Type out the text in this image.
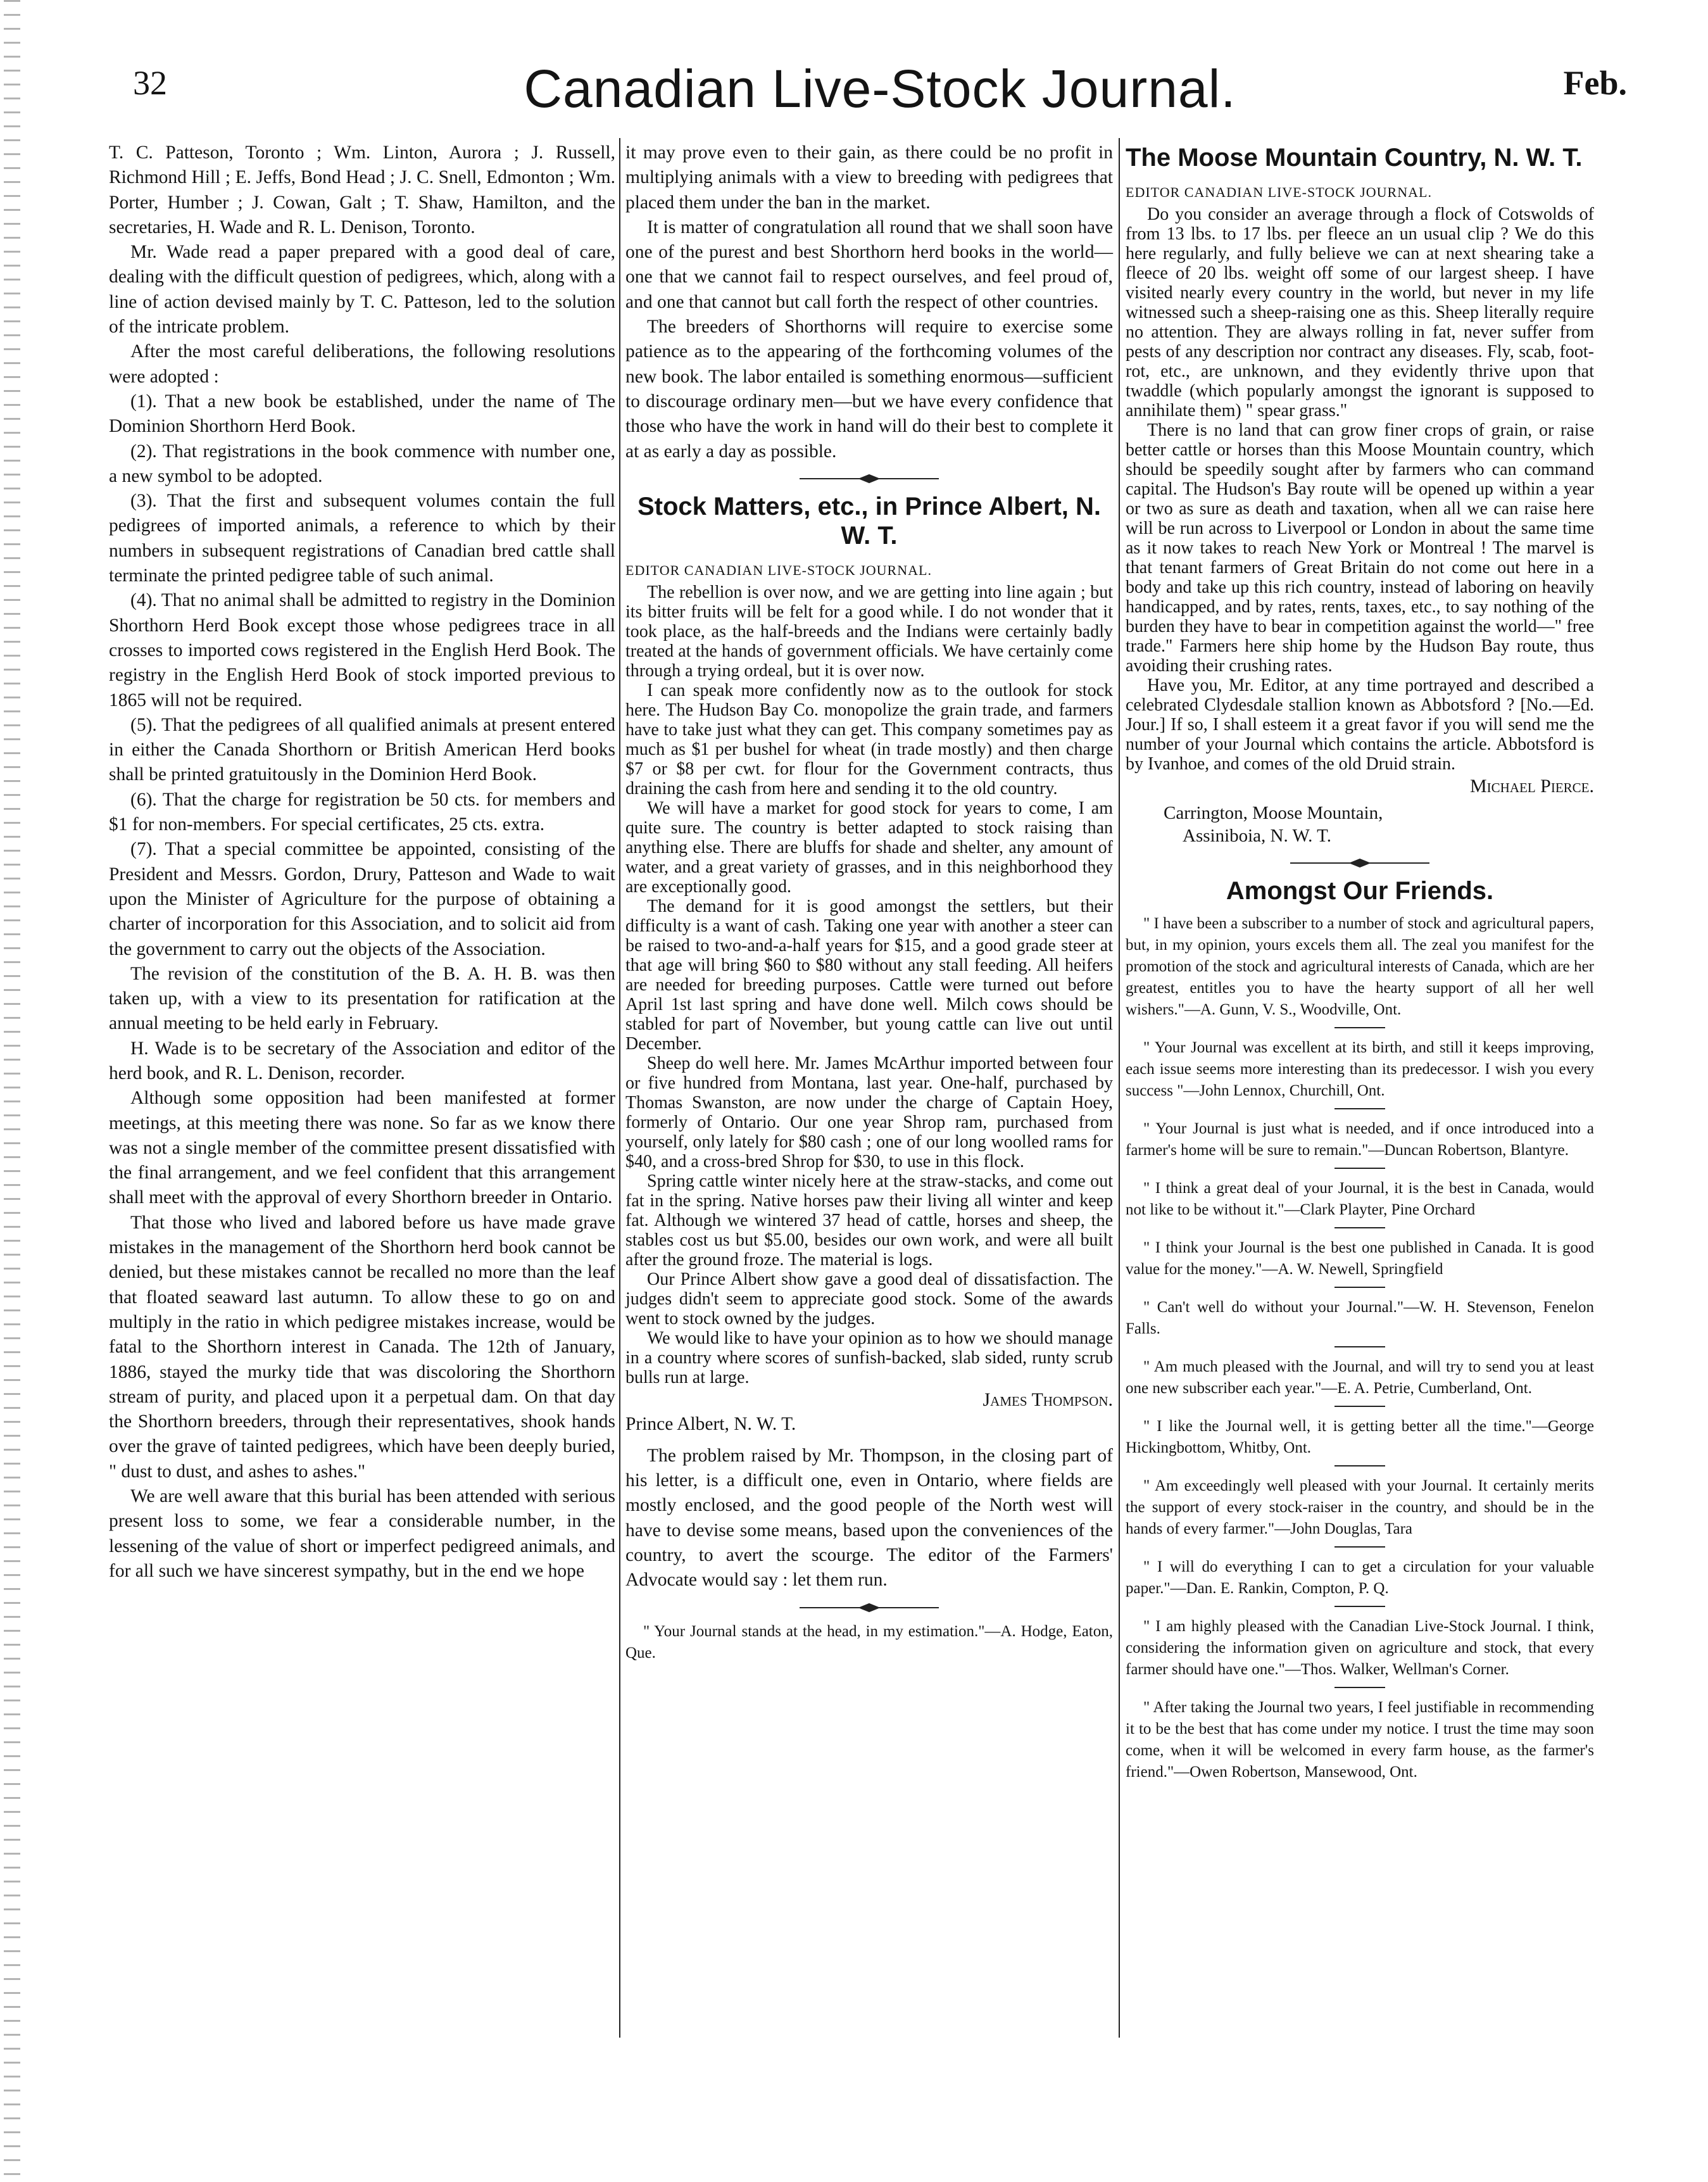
32	Canadian Live-Stock Journal.	Feb.

T. C. Patteson, Toronto ; Wm. Linton, Aurora ; J. Russell, Richmond Hill ; E. Jeffs, Bond Head ; J. C. Snell, Edmonton ; Wm. Porter, Humber ; J. Cowan, Galt ; T. Shaw, Hamilton, and the secretaries, H. Wade and R. L. Denison, Toronto.

Mr. Wade read a paper prepared with a good deal of care, dealing with the difficult question of pedigrees, which, along with a line of action devised mainly by T. C. Patteson, led to the solution of the intricate problem.

After the most careful deliberations, the following resolutions were adopted :

(1). That a new book be established, under the name of The Dominion Shorthorn Herd Book.

(2). That registrations in the book commence with number one, a new symbol to be adopted.

(3). That the first and subsequent volumes contain the full pedigrees of imported animals, a reference to which by their numbers in subsequent registrations of Canadian bred cattle shall terminate the printed pedigree table of such animal.

(4). That no animal shall be admitted to registry in the Dominion Shorthorn Herd Book except those whose pedigrees trace in all crosses to imported cows registered in the English Herd Book. The registry in the English Herd Book of stock imported previous to 1865 will not be required.

(5). That the pedigrees of all qualified animals at present entered in either the Canada Shorthorn or British American Herd books shall be printed gratuitously in the Dominion Herd Book.

(6). That the charge for registration be 50 cts. for members and $1 for non-members. For special certificates, 25 cts. extra.

(7). That a special committee be appointed, consisting of the President and Messrs. Gordon, Drury, Patteson and Wade to wait upon the Minister of Agriculture for the purpose of obtaining a charter of incorporation for this Association, and to solicit aid from the government to carry out the objects of the Association.

The revision of the constitution of the B. A. H. B. was then taken up, with a view to its presentation for ratification at the annual meeting to be held early in February.

H. Wade is to be secretary of the Association and editor of the herd book, and R. L. Denison, recorder.

Although some opposition had been manifested at former meetings, at this meeting there was none. So far as we know there was not a single member of the committee present dissatisfied with the final arrangement, and we feel confident that this arrangement shall meet with the approval of every Shorthorn breeder in Ontario.

That those who lived and labored before us have made grave mistakes in the management of the Shorthorn herd book cannot be denied, but these mistakes cannot be recalled no more than the leaf that floated seaward last autumn. To allow these to go on and multiply in the ratio in which pedigree mistakes increase, would be fatal to the Shorthorn interest in Canada. The 12th of January, 1886, stayed the murky tide that was discoloring the Shorthorn stream of purity, and placed upon it a perpetual dam. On that day the Shorthorn breeders, through their representatives, shook hands over the grave of tainted pedigrees, which have been deeply buried, " dust to dust, and ashes to ashes."

We are well aware that this burial has been attended with serious present loss to some, we fear a considerable number, in the lessening of the value of short or imperfect pedigreed animals, and for all such we have sincerest sympathy, but in the end we hope

it may prove even to their gain, as there could be no profit in multiplying animals with a view to breeding with pedigrees that placed them under the ban in the market.

It is matter of congratulation all round that we shall soon have one of the purest and best Shorthorn herd books in the world—one that we cannot fail to respect ourselves, and feel proud of, and one that cannot but call forth the respect of other countries.

The breeders of Shorthorns will require to exercise some patience as to the appearing of the forthcoming volumes of the new book. The labor entailed is something enormous—sufficient to discourage ordinary men—but we have every confidence that those who have the work in hand will do their best to complete it at as early a day as possible.

Stock Matters, etc., in Prince Albert, N. W. T.

EDITOR CANADIAN LIVE-STOCK JOURNAL.

The rebellion is over now, and we are getting into line again ; but its bitter fruits will be felt for a good while. I do not wonder that it took place, as the half-breeds and the Indians were certainly badly treated at the hands of government officials. We have certainly come through a trying ordeal, but it is over now.

I can speak more confidently now as to the outlook for stock here. The Hudson Bay Co. monopolize the grain trade, and farmers have to take just what they can get. This company sometimes pay as much as $1 per bushel for wheat (in trade mostly) and then charge $7 or $8 per cwt. for flour for the Government contracts, thus draining the cash from here and sending it to the old country.

We will have a market for good stock for years to come, I am quite sure. The country is better adapted to stock raising than anything else. There are bluffs for shade and shelter, any amount of water, and a great variety of grasses, and in this neighborhood they are exceptionally good.

The demand for it is good amongst the settlers, but their difficulty is a want of cash. Taking one year with another a steer can be raised to two-and-a-half years for $15, and a good grade steer at that age will bring $60 to $80 without any stall feeding. All heifers are needed for breeding purposes. Cattle were turned out before April 1st last spring and have done well. Milch cows should be stabled for part of November, but young cattle can live out until December.

Sheep do well here. Mr. James McArthur imported between four or five hundred from Montana, last year. One-half, purchased by Thomas Swanston, are now under the charge of Captain Hoey, formerly of Ontario. Our one year Shrop ram, purchased from yourself, only lately for $80 cash ; one of our long woolled rams for $40, and a cross-bred Shrop for $30, to use in this flock.

Spring cattle winter nicely here at the straw-stacks, and come out fat in the spring. Native horses paw their living all winter and keep fat. Although we wintered 37 head of cattle, horses and sheep, the stables cost us but $5.00, besides our own work, and were all built after the ground froze. The material is logs.

Our Prince Albert show gave a good deal of dissatisfaction. The judges didn't seem to appreciate good stock. Some of the awards went to stock owned by the judges.

We would like to have your opinion as to how we should manage in a country where scores of sunfish-backed, slab sided, runty scrub bulls run at large.

James Thompson.

Prince Albert, N. W. T.

The problem raised by Mr. Thompson, in the closing part of his letter, is a difficult one, even in Ontario, where fields are mostly enclosed, and the good people of the North west will have to devise some means, based upon the conveniences of the country, to avert the scourge. The editor of the Farmers' Advocate would say : let them run.

" Your Journal stands at the head, in my estimation."—A. Hodge, Eaton, Que.

The Moose Mountain Country, N. W. T.

EDITOR CANADIAN LIVE-STOCK JOURNAL.

Do you consider an average through a flock of Cotswolds of from 13 lbs. to 17 lbs. per fleece an un usual clip ? We do this here regularly, and fully believe we can at next shearing take a fleece of 20 lbs. weight off some of our largest sheep. I have visited nearly every country in the world, but never in my life witnessed such a sheep-raising one as this. Sheep literally require no attention. They are always rolling in fat, never suffer from pests of any description nor contract any diseases. Fly, scab, foot-rot, etc., are unknown, and they evidently thrive upon that twaddle (which popularly amongst the ignorant is supposed to annihilate them) " spear grass."

There is no land that can grow finer crops of grain, or raise better cattle or horses than this Moose Mountain country, which should be speedily sought after by farmers who can command capital. The Hudson's Bay route will be opened up within a year or two as sure as death and taxation, when all we can raise here will be run across to Liverpool or London in about the same time as it now takes to reach New York or Montreal ! The marvel is that tenant farmers of Great Britain do not come out here in a body and take up this rich country, instead of laboring on heavily handicapped, and by rates, rents, taxes, etc., to say nothing of the burden they have to bear in competition against the world—" free trade." Farmers here ship home by the Hudson Bay route, thus avoiding their crushing rates.

Have you, Mr. Editor, at any time portrayed and described a celebrated Clydesdale stallion known as Abbotsford ? [No.—Ed. Jour.] If so, I shall esteem it a great favor if you will send me the number of your Journal which contains the article. Abbotsford is by Ivanhoe, and comes of the old Druid strain.

Michael Pierce.

Carrington, Moose Mountain,
Assiniboia, N. W. T.
Amongst Our Friends.

" I have been a subscriber to a number of stock and agricultural papers, but, in my opinion, yours excels them all. The zeal you manifest for the promotion of the stock and agricultural interests of Canada, which are her greatest, entitles you to have the hearty support of all her well wishers."—A. Gunn, V. S., Woodville, Ont.

" Your Journal was excellent at its birth, and still it keeps improving, each issue seems more interesting than its predecessor. I wish you every success "—John Lennox, Churchill, Ont.

" Your Journal is just what is needed, and if once introduced into a farmer's home will be sure to remain."—Duncan Robertson, Blantyre.

" I think a great deal of your Journal, it is the best in Canada, would not like to be without it."—Clark Playter, Pine Orchard

" I think your Journal is the best one published in Canada. It is good value for the money."—A. W. Newell, Springfield

" Can't well do without your Journal."—W. H. Stevenson, Fenelon Falls.

" Am much pleased with the Journal, and will try to send you at least one new subscriber each year."—E. A. Petrie, Cumberland, Ont.

" I like the Journal well, it is getting better all the time."—George Hickingbottom, Whitby, Ont.

" Am exceedingly well pleased with your Journal. It certainly merits the support of every stock-raiser in the country, and should be in the hands of every farmer."—John Douglas, Tara

" I will do everything I can to get a circulation for your valuable paper."—Dan. E. Rankin, Compton, P. Q.

" I am highly pleased with the Canadian Live-Stock Journal. I think, considering the information given on agriculture and stock, that every farmer should have one."—Thos. Walker, Wellman's Corner.

" After taking the Journal two years, I feel justifiable in recommending it to be the best that has come under my notice. I trust the time may soon come, when it will be welcomed in every farm house, as the farmer's friend."—Owen Robertson, Mansewood, Ont.
